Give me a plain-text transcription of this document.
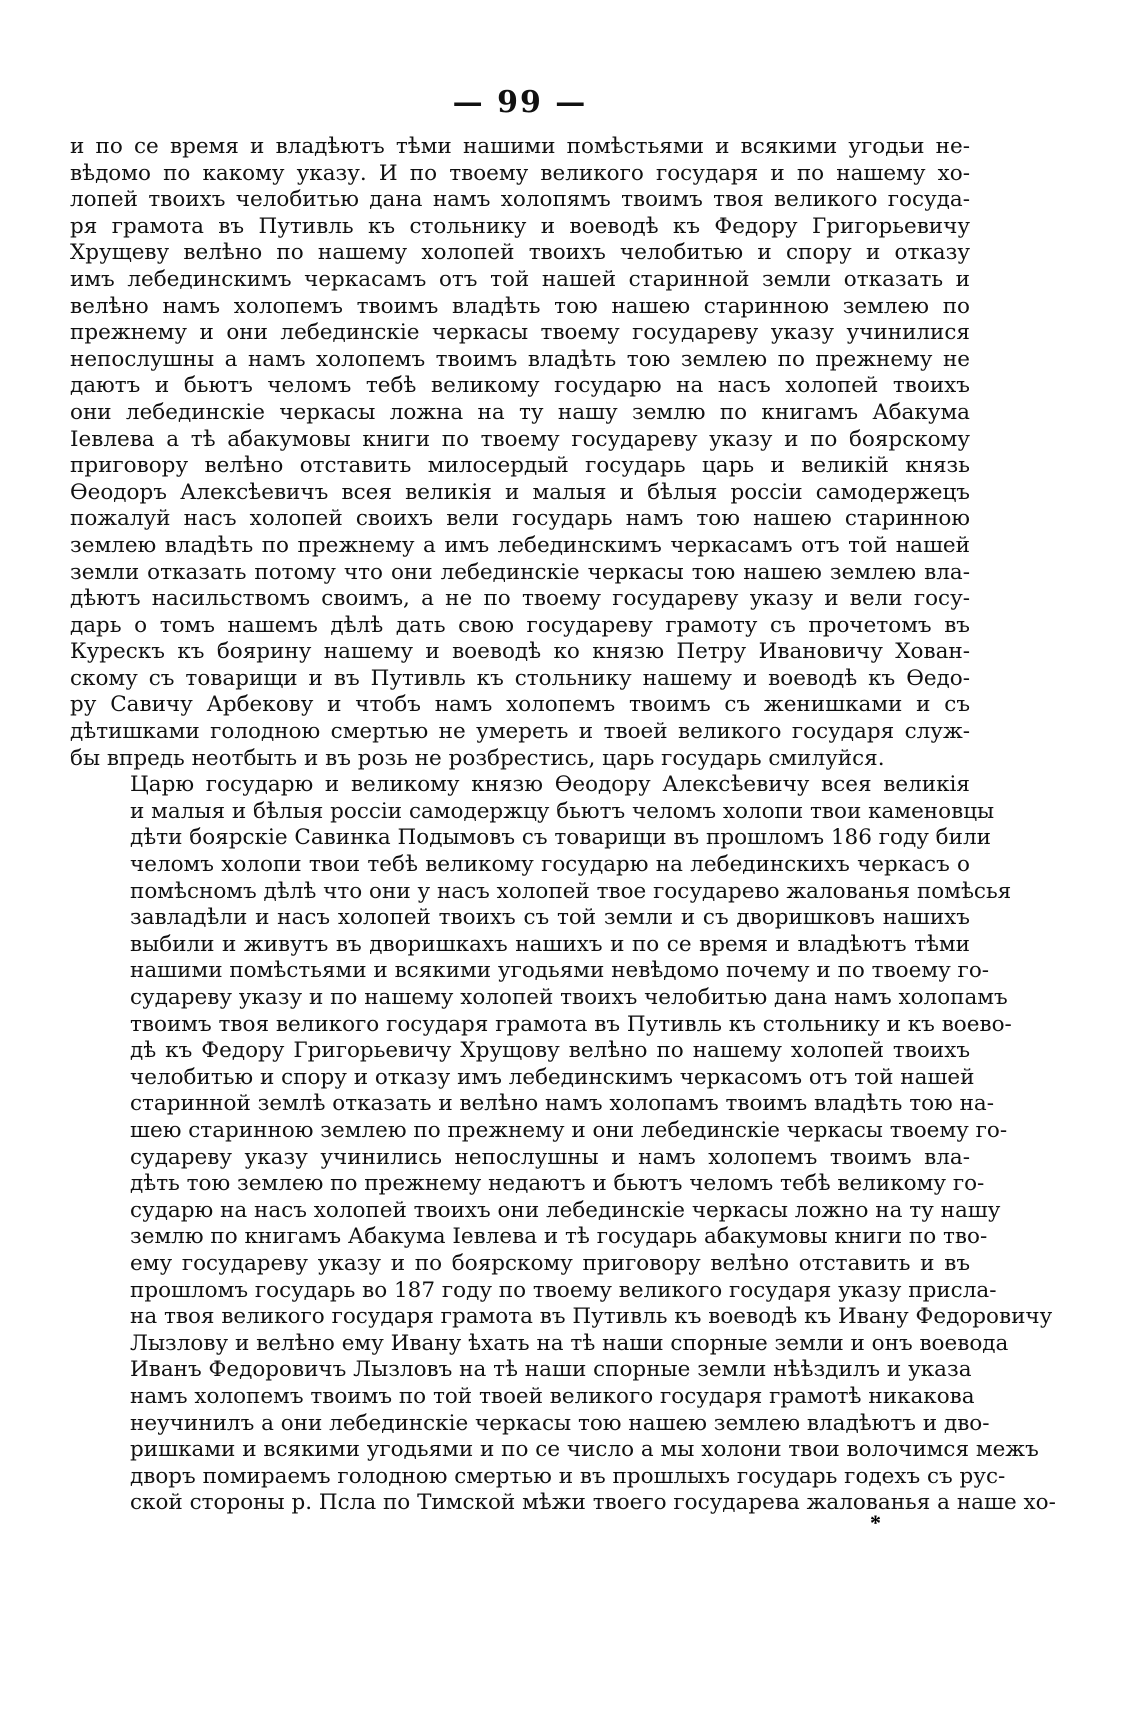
— 99 —

и по се время и владѣютъ тѣми нашими помѣстьями и всякими угодьи не-
вѣдомо по какому указу. И по твоему великого государя и по нашему хо-
лопей твоихъ челобитью дана намъ холопямъ твоимъ твоя великого госуда-
ря грамота въ Путивль къ стольнику и воеводѣ къ Федору Григорьевичу
Хрущеву велѣно по нашему холопей твоихъ челобитью и спору и отказу
имъ лебединскимъ черкасамъ отъ той нашей старинной земли отказать и
велѣно намъ холопемъ твоимъ владѣть тою нашею старинною землею по
прежнему и они лебединскіе черкасы твоему государеву указу учинилися
непослушны а намъ холопемъ твоимъ владѣть тою землею по прежнему не
даютъ и бьютъ челомъ тебѣ великому государю на насъ холопей твоихъ
они лебединскіе черкасы ложна на ту нашу землю по книгамъ Абакума
Іевлева а тѣ абакумовы книги по твоему государеву указу и по боярскому
приговору велѣно отставить милосердый государь царь и великій князь
Ѳеодоръ Алексѣевичъ всея великія и малыя и бѣлыя россіи самодержецъ
пожалуй насъ холопей своихъ вели государь намъ тою нашею старинною
землею владѣть по прежнему а имъ лебединскимъ черкасамъ отъ той нашей
земли отказать потому что они лебединскіе черкасы тою нашею землею вла-
дѣютъ насильствомъ своимъ, а не по твоему государеву указу и вели госу-
дарь о томъ нашемъ дѣлѣ дать свою государеву грамоту съ прочетомъ въ
Курескъ къ боярину нашему и воеводѣ ко князю Петру Ивановичу Хован-
скому съ товарищи и въ Путивль къ стольнику нашему и воеводѣ къ Ѳедо-
ру Савичу Арбекову и чтобъ намъ холопемъ твоимъ съ женишками и съ
дѣтишками голодною смертью не умереть и твоей великого государя служ-
бы впредь неотбыть и въ розь не розбрестись, царь государь смилуйся.

Царю государю и великому князю Ѳеодору Алексѣевичу всея великія
и малыя и бѣлыя россіи самодержцу бьютъ челомъ холопи твои каменовцы
дѣти боярскіе Савинка Подымовъ съ товарищи въ прошломъ 186 году били
челомъ холопи твои тебѣ великому государю на лебединскихъ черкасъ о
помѣсномъ дѣлѣ что они у насъ холопей твое государево жалованья помѣсья
завладѣли и насъ холопей твоихъ съ той земли и съ дворишковъ нашихъ
выбили и живутъ въ дворишкахъ нашихъ и по се время и владѣютъ тѣми
нашими помѣстьями и всякими угодьями невѣдомо почему и по твоему го-
судареву указу и по нашему холопей твоихъ челобитью дана намъ холопамъ
твоимъ твоя великого государя грамота въ Путивль къ стольнику и къ воево-
дѣ къ Федору Григорьевичу Хрущову велѣно по нашему холопей твоихъ
челобитью и спору и отказу имъ лебединскимъ черкасомъ отъ той нашей
старинной землѣ отказать и велѣно намъ холопамъ твоимъ владѣть тою на-
шею старинною землею по прежнему и они лебединскіе черкасы твоему го-
судареву указу учинились непослушны и намъ холопемъ твоимъ вла-
дѣть тою землею по прежнему недаютъ и бьютъ челомъ тебѣ великому го-
сударю на насъ холопей твоихъ они лебединскіе черкасы ложно на ту нашу
землю по книгамъ Абакума Іевлева и тѣ государь абакумовы книги по тво-
ему государеву указу и по боярскому приговору велѣно отставить и въ
прошломъ государь во 187 году по твоему великого государя указу присла-
на твоя великого государя грамота въ Путивль къ воеводѣ къ Ивану Федоровичу
Лызлову и велѣно ему Ивану ѣхать на тѣ наши спорные земли и онъ воевода
Иванъ Федоровичъ Лызловъ на тѣ наши спорные земли нѣѣздилъ и указа
намъ холопемъ твоимъ по той твоей великого государя грамотѣ никакова
неучинилъ а они лебединскіе черкасы тою нашею землею владѣютъ и дво-
ришками и всякими угодьями и по се число а мы холони твои волочимся межъ
дворъ помираемъ голодною смертью и въ прошлыхъ государь годехъ съ рус-
ской стороны р. Псла по Тимской мѣжи твоего государева жалованья а наше хо-

*
